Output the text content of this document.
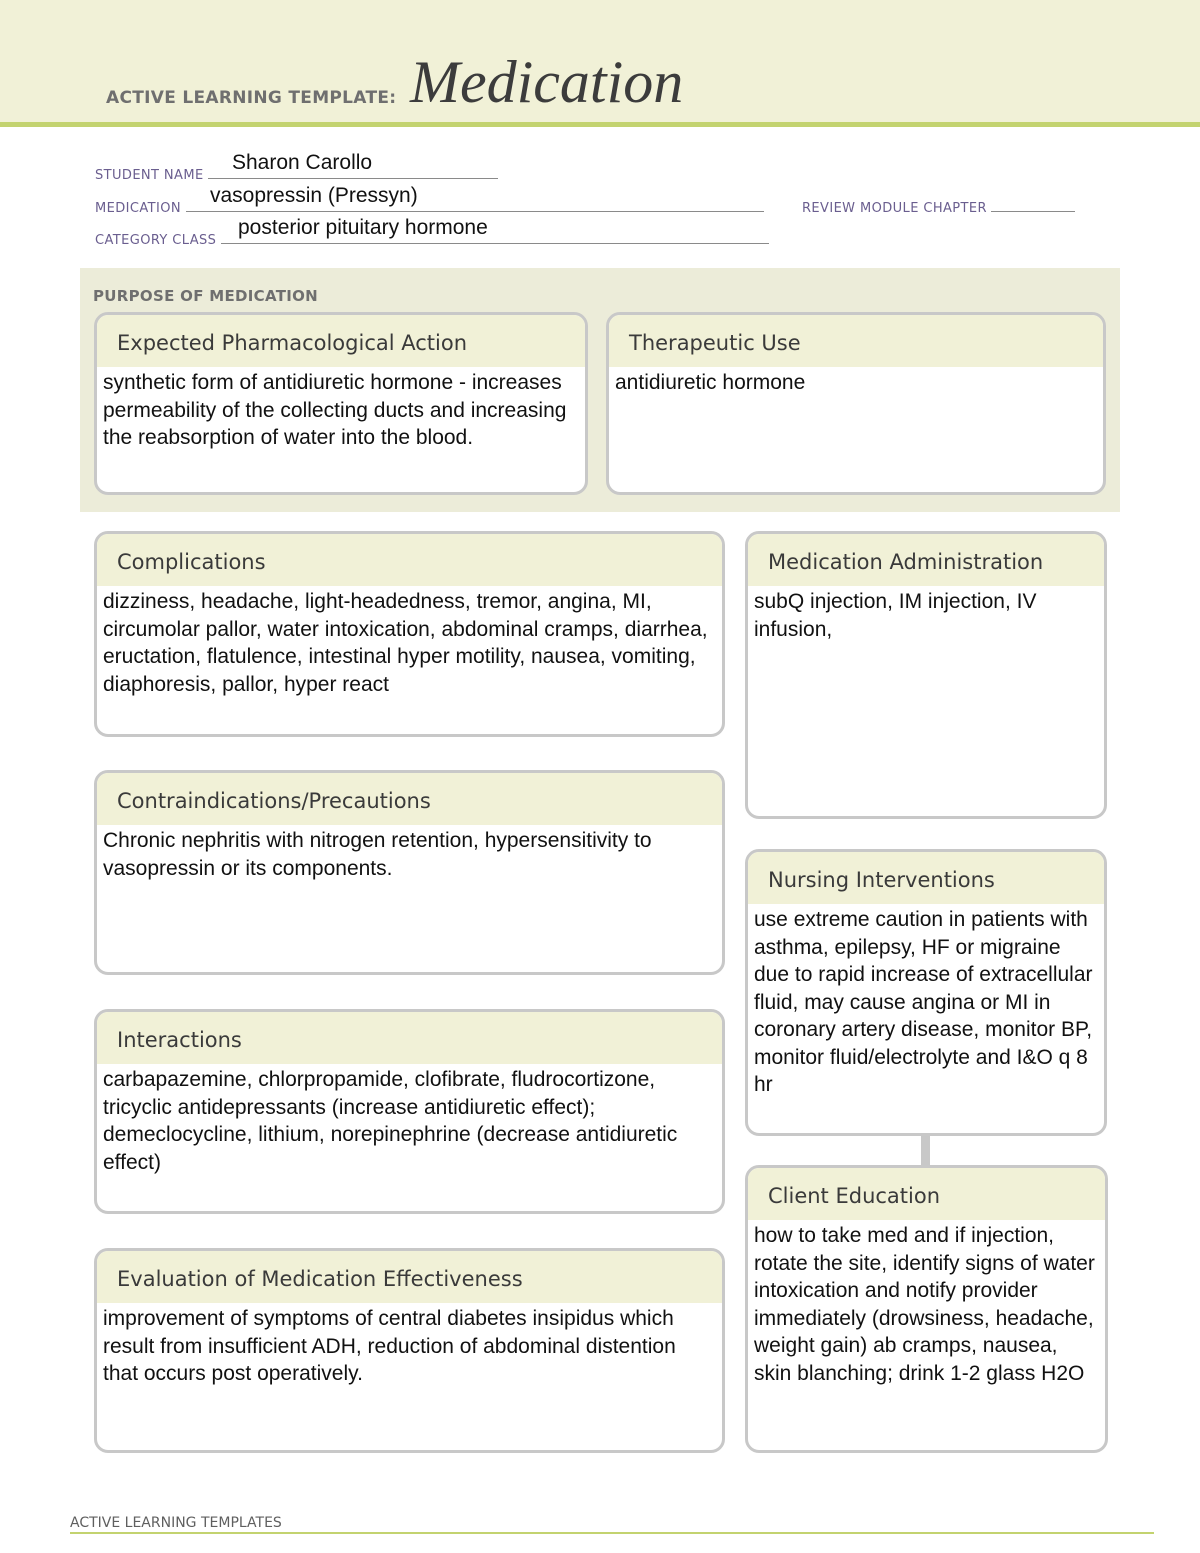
ACTIVE LEARNING TEMPLATE: Medication
STUDENT NAME
Sharon Carollo
MEDICATION
vasopressin (Pressyn)
REVIEW MODULE CHAPTER
CATEGORY CLASS
posterior pituitary hormone
PURPOSE OF MEDICATION
Expected Pharmacological Action
synthetic form of antidiuretic hormone - increases permeability of the collecting ducts and increasing the reabsorption of water into the blood.
Therapeutic Use
antidiuretic hormone
Complications
dizziness, headache, light-headedness, tremor, angina, MI, circumolar pallor, water intoxication, abdominal cramps, diarrhea, eructation, flatulence, intestinal hyper motility, nausea, vomiting, diaphoresis, pallor, hyper react
Contraindications/Precautions
Chronic nephritis with nitrogen retention, hypersensitivity to vasopressin or its components.
Interactions
carbapazemine, chlorpropamide, clofibrate, fludrocortizone, tricyclic antidepressants (increase antidiuretic effect); demeclocycline, lithium, norepinephrine (decrease antidiuretic effect)
Evaluation of Medication Effectiveness
improvement of symptoms of central diabetes insipidus which result from insufficient ADH, reduction of abdominal distention that occurs post operatively.
Medication Administration
subQ injection, IM injection, IV infusion,
Nursing Interventions
use extreme caution in patients with asthma, epilepsy, HF or migraine due to rapid increase of extracellular fluid, may cause angina or MI in coronary artery disease, monitor BP, monitor fluid/electrolyte and I&O q 8 hr
Client Education
how to take med and if injection, rotate the site, identify signs of water intoxication and notify provider immediately (drowsiness, headache, weight gain) ab cramps, nausea, skin blanching; drink 1-2 glass H2O
ACTIVE LEARNING TEMPLATES
